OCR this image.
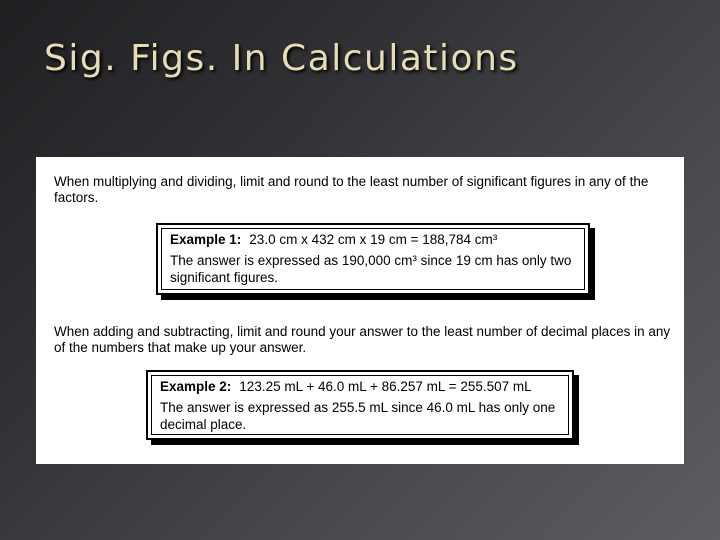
Sig. Figs. In Calculations
When multiplying and dividing, limit and round to the least number of significant figures in any of the factors.
Example 1: 23.0 cm x 432 cm x 19 cm = 188,784 cm³
The answer is expressed as 190,000 cm³ since 19 cm has only two significant figures.
When adding and subtracting, limit and round your answer to the least number of decimal places in any of the numbers that make up your answer.
Example 2: 123.25 mL + 46.0 mL + 86.257 mL = 255.507 mL
The answer is expressed as 255.5 mL since 46.0 mL has only one decimal place.
